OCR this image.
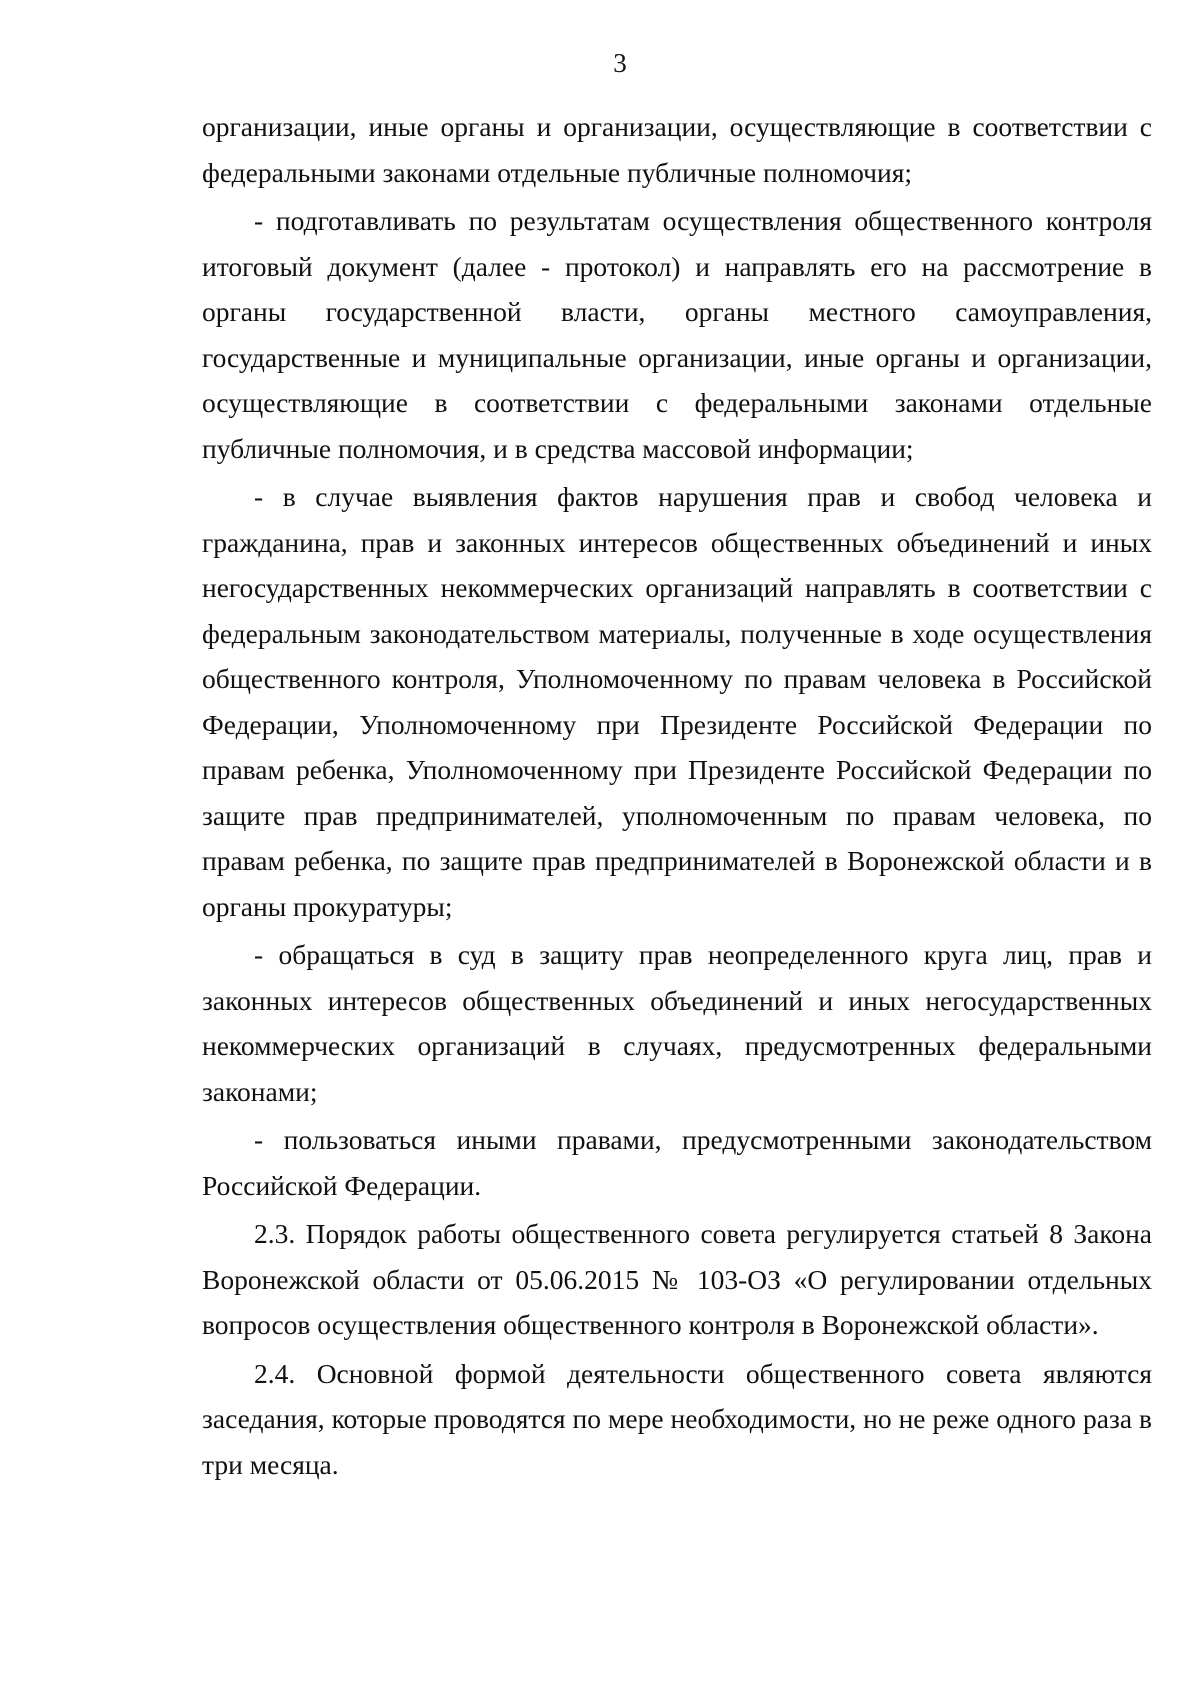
3

организации, иные органы и организации, осуществляющие в соответствии с федеральными законами отдельные публичные полномочия;

- подготавливать по результатам осуществления общественного контроля итоговый документ (далее - протокол) и направлять его на рассмотрение в органы государственной власти, органы местного самоуправления, государственные и муниципальные организации, иные органы и организации, осуществляющие в соответствии с федеральными законами отдельные публичные полномочия, и в средства массовой информации;

- в случае выявления фактов нарушения прав и свобод человека и гражданина, прав и законных интересов общественных объединений и иных негосударственных некоммерческих организаций направлять в соответствии с федеральным законодательством материалы, полученные в ходе осуществления общественного контроля, Уполномоченному по правам человека в Российской Федерации, Уполномоченному при Президенте Российской Федерации по правам ребенка, Уполномоченному при Президенте Российской Федерации по защите прав предпринимателей, уполномоченным по правам человека, по правам ребенка, по защите прав предпринимателей в Воронежской области и в органы прокуратуры;

- обращаться в суд в защиту прав неопределенного круга лиц, прав и законных интересов общественных объединений и иных негосударственных некоммерческих организаций в случаях, предусмотренных федеральными законами;

- пользоваться иными правами, предусмотренными законодательством Российской Федерации.

2.3. Порядок работы общественного совета регулируется статьей 8 Закона Воронежской области от 05.06.2015 № 103-ОЗ «О регулировании отдельных вопросов осуществления общественного контроля в Воронежской области».

2.4. Основной формой деятельности общественного совета являются заседания, которые проводятся по мере необходимости, но не реже одного раза в три месяца.
